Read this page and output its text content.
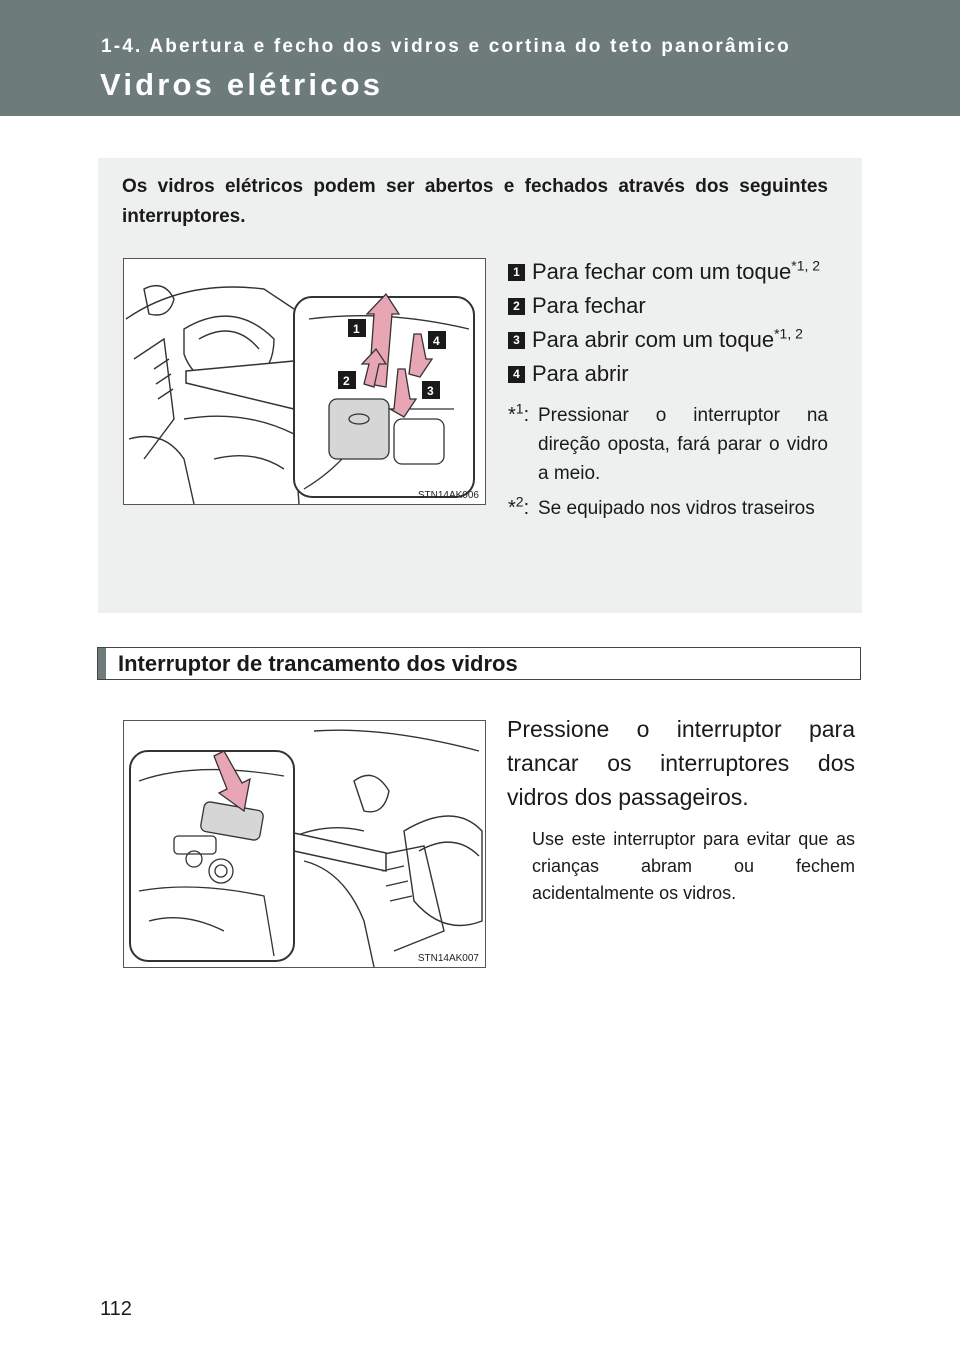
1-4. Abertura e fecho dos vidros e cortina do teto panorâmico
Vidros elétricos
Os vidros elétricos podem ser abertos e fechados através dos seguintes interruptores.
1
2
3
4
STN14AK006
1 Para fechar com um toque$^{*1, 2}$
2 Para fechar
3 Para abrir com um toque$^{*1, 2}$
4 Para abrir
*$^1$: Pressionar o interruptor na direção oposta, fará parar o vidro a meio.
*$^2$: Se equipado nos vidros traseiros
Interruptor de trancamento dos vidros
STN14AK007
Pressione o interruptor para trancar os interruptores dos vidros dos passageiros.
Use este interruptor para evitar que as crianças abram ou fechem acidentalmente os vidros.
112
